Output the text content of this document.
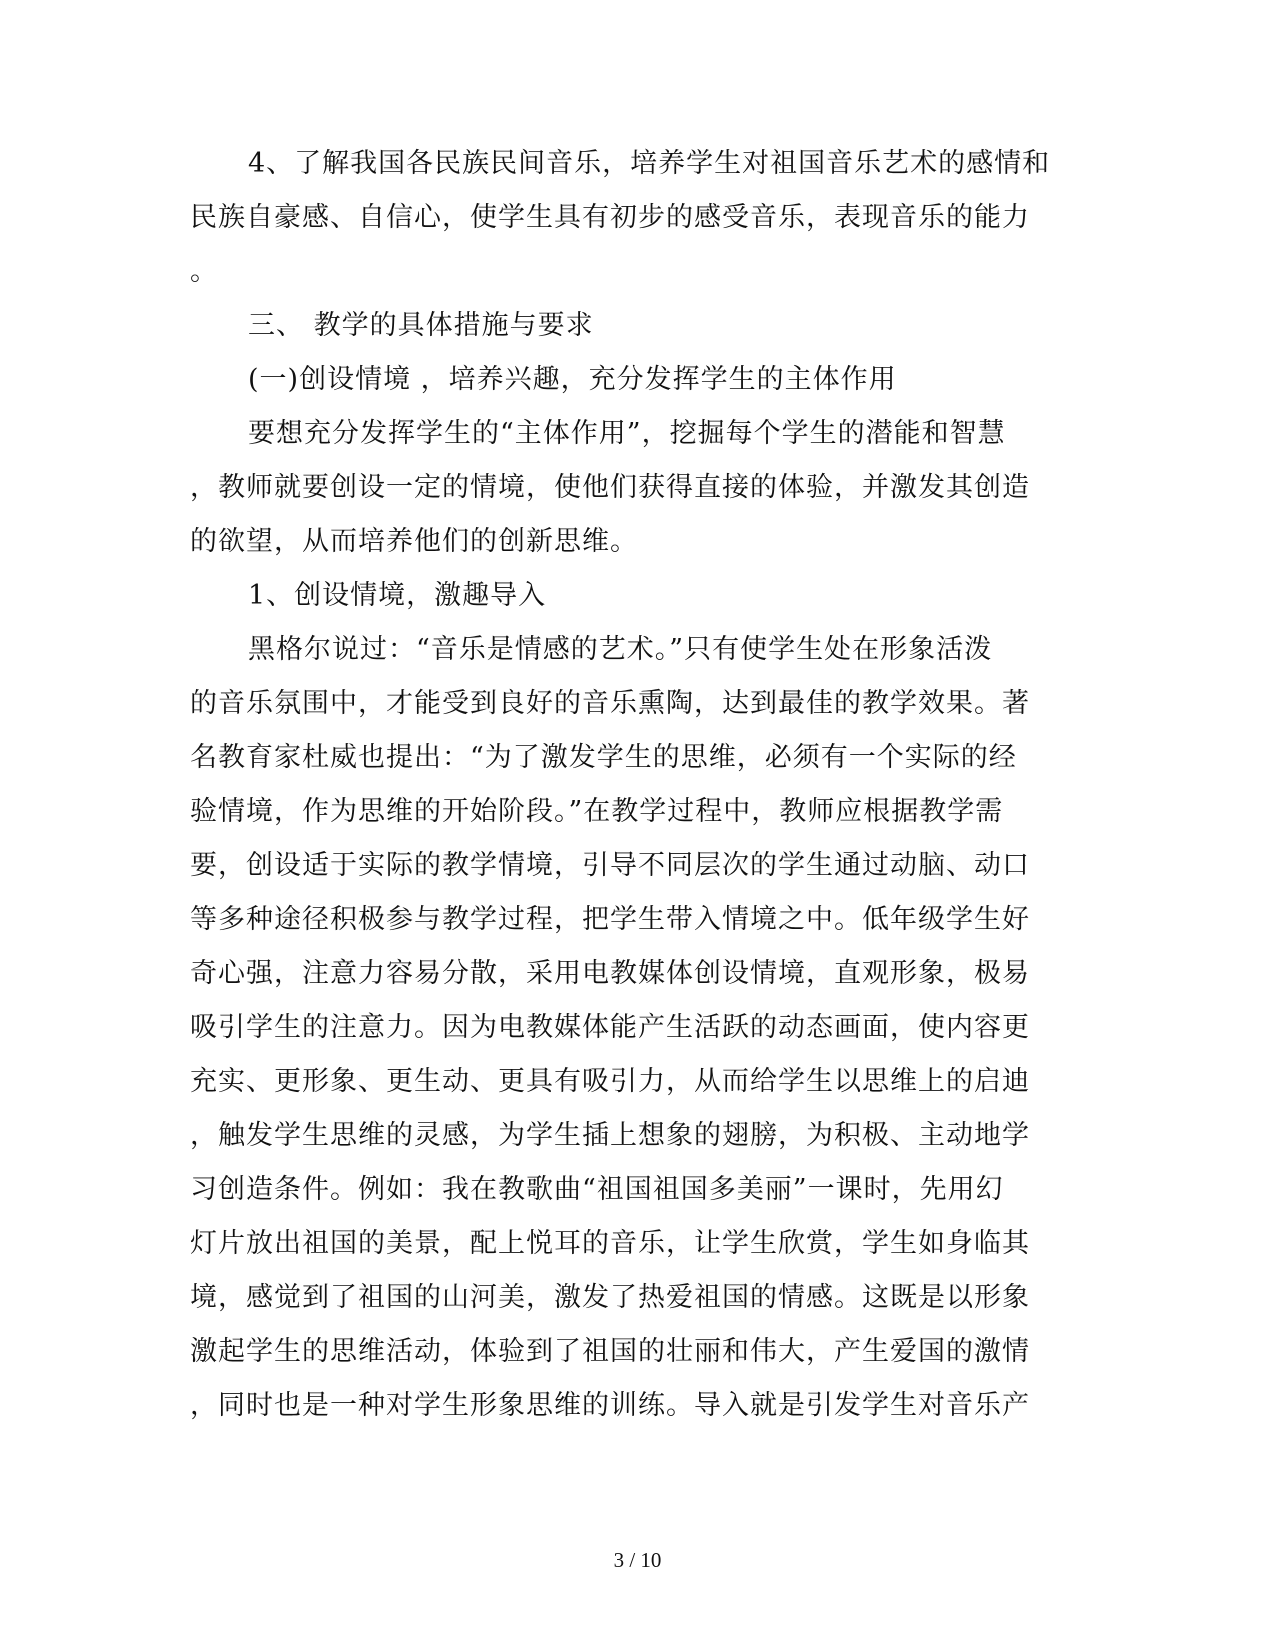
4、了解我国各民族民间音乐，培养学生对祖国音乐艺术的感情和
民族自豪感、自信心，使学生具有初步的感受音乐，表现音乐的能力
。
三、 教学的具体措施与要求
(一)创设情境 ，培养兴趣，充分发挥学生的主体作用
要想充分发挥学生的“主体作用”，挖掘每个学生的潜能和智慧
，教师就要创设一定的情境，使他们获得直接的体验，并激发其创造
的欲望，从而培养他们的创新思维。
1、创设情境，激趣导入
黑格尔说过：“音乐是情感的艺术。”只有使学生处在形象活泼
的音乐氛围中，才能受到良好的音乐熏陶，达到最佳的教学效果。著
名教育家杜威也提出：“为了激发学生的思维，必须有一个实际的经
验情境，作为思维的开始阶段。”在教学过程中，教师应根据教学需
要，创设适于实际的教学情境，引导不同层次的学生通过动脑、动口
等多种途径积极参与教学过程，把学生带入情境之中。低年级学生好
奇心强，注意力容易分散，采用电教媒体创设情境，直观形象，极易
吸引学生的注意力。因为电教媒体能产生活跃的动态画面，使内容更
充实、更形象、更生动、更具有吸引力，从而给学生以思维上的启迪
，触发学生思维的灵感，为学生插上想象的翅膀，为积极、主动地学
习创造条件。例如：我在教歌曲“祖国祖国多美丽”一课时，先用幻
灯片放出祖国的美景，配上悦耳的音乐，让学生欣赏，学生如身临其
境，感觉到了祖国的山河美，激发了热爱祖国的情感。这既是以形象
激起学生的思维活动，体验到了祖国的壮丽和伟大，产生爱国的激情
，同时也是一种对学生形象思维的训练。导入就是引发学生对音乐产
3 / 10
